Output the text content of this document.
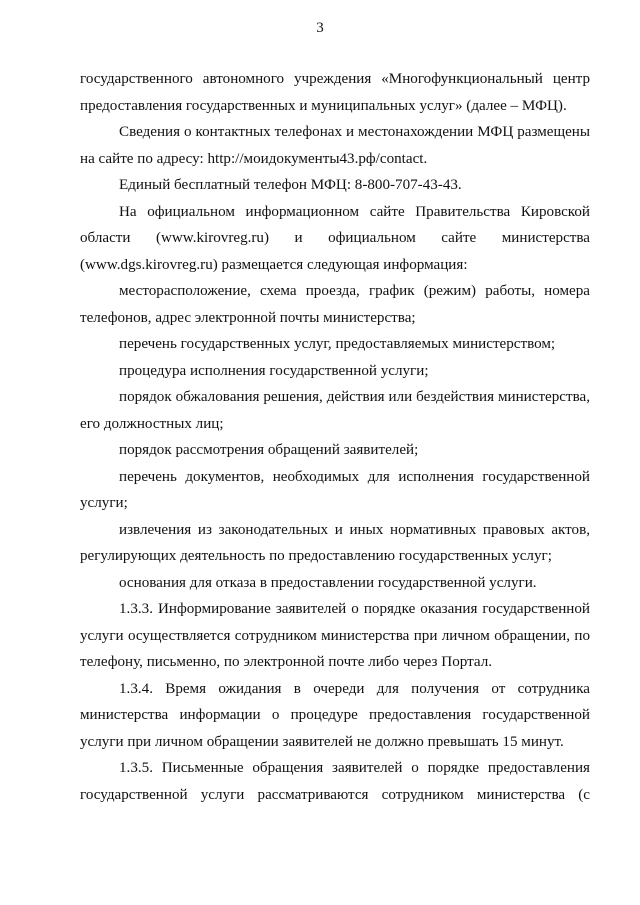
3

государственного автономного учреждения «Многофункциональный центр предоставления государственных и муниципальных услуг» (далее – МФЦ).

Сведения о контактных телефонах и местонахождении МФЦ размещены на сайте по адресу: http://моидокументы43.рф/contact.

Единый бесплатный телефон МФЦ: 8-800-707-43-43.

На официальном информационном сайте Правительства Кировской области (www.kirovreg.ru) и официальном сайте министерства (www.dgs.kirovreg.ru) размещается следующая информация:

месторасположение, схема проезда, график (режим) работы, номера телефонов, адрес электронной почты министерства;

перечень государственных услуг, предоставляемых министерством;

процедура исполнения государственной услуги;

порядок обжалования решения, действия или бездействия министерства, его должностных лиц;

порядок рассмотрения обращений заявителей;

перечень документов, необходимых для исполнения государственной услуги;

извлечения из законодательных и иных нормативных правовых актов, регулирующих деятельность по предоставлению государственных услуг;

основания для отказа в предоставлении государственной услуги.

1.3.3. Информирование заявителей о порядке оказания государственной услуги осуществляется сотрудником министерства при личном обращении, по телефону, письменно, по электронной почте либо через Портал.

1.3.4. Время ожидания в очереди для получения от сотрудника министерства информации о процедуре предоставления государственной услуги при личном обращении заявителей не должно превышать 15 минут.

1.3.5. Письменные обращения заявителей о порядке предоставления государственной услуги рассматриваются сотрудником министерства (с
